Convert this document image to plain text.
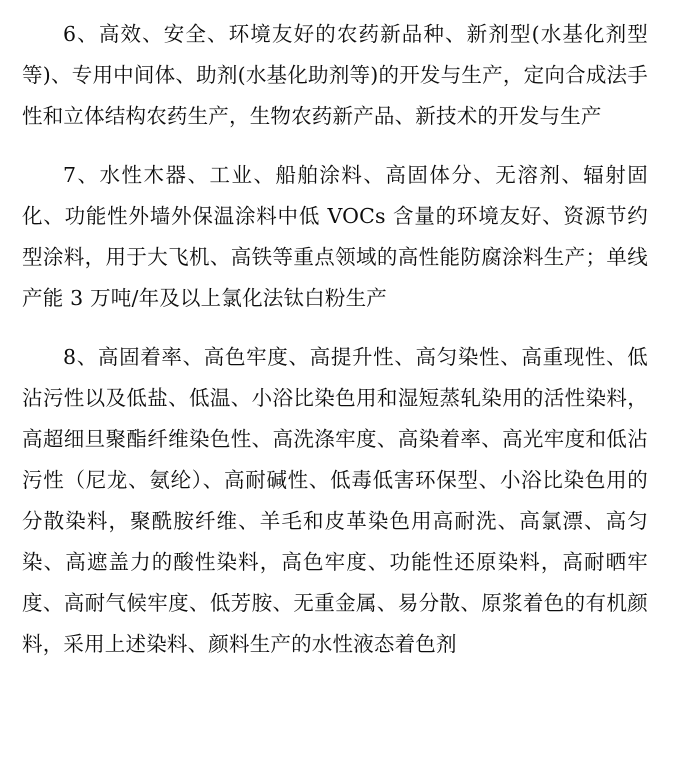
6、高效、安全、环境友好的农药新品种、新剂型(水基化剂型等)、专用中间体、助剂(水基化助剂等)的开发与生产，定向合成法手性和立体结构农药生产，生物农药新产品、新技术的开发与生产

7、水性木器、工业、船舶涂料、高固体分、无溶剂、辐射固化、功能性外墙外保温涂料中低 VOCs 含量的环境友好、资源节约型涂料，用于大飞机、高铁等重点领域的高性能防腐涂料生产；单线产能 3 万吨/年及以上氯化法钛白粉生产

8、高固着率、高色牢度、高提升性、高匀染性、高重现性、低沾污性以及低盐、低温、小浴比染色用和湿短蒸轧染用的活性染料，高超细旦聚酯纤维染色性、高洗涤牢度、高染着率、高光牢度和低沾污性（尼龙、氨纶）、高耐碱性、低毒低害环保型、小浴比染色用的分散染料，聚酰胺纤维、羊毛和皮革染色用高耐洗、高氯漂、高匀染、高遮盖力的酸性染料，高色牢度、功能性还原染料，高耐晒牢度、高耐气候牢度、低芳胺、无重金属、易分散、原浆着色的有机颜料，采用上述染料、颜料生产的水性液态着色剂
